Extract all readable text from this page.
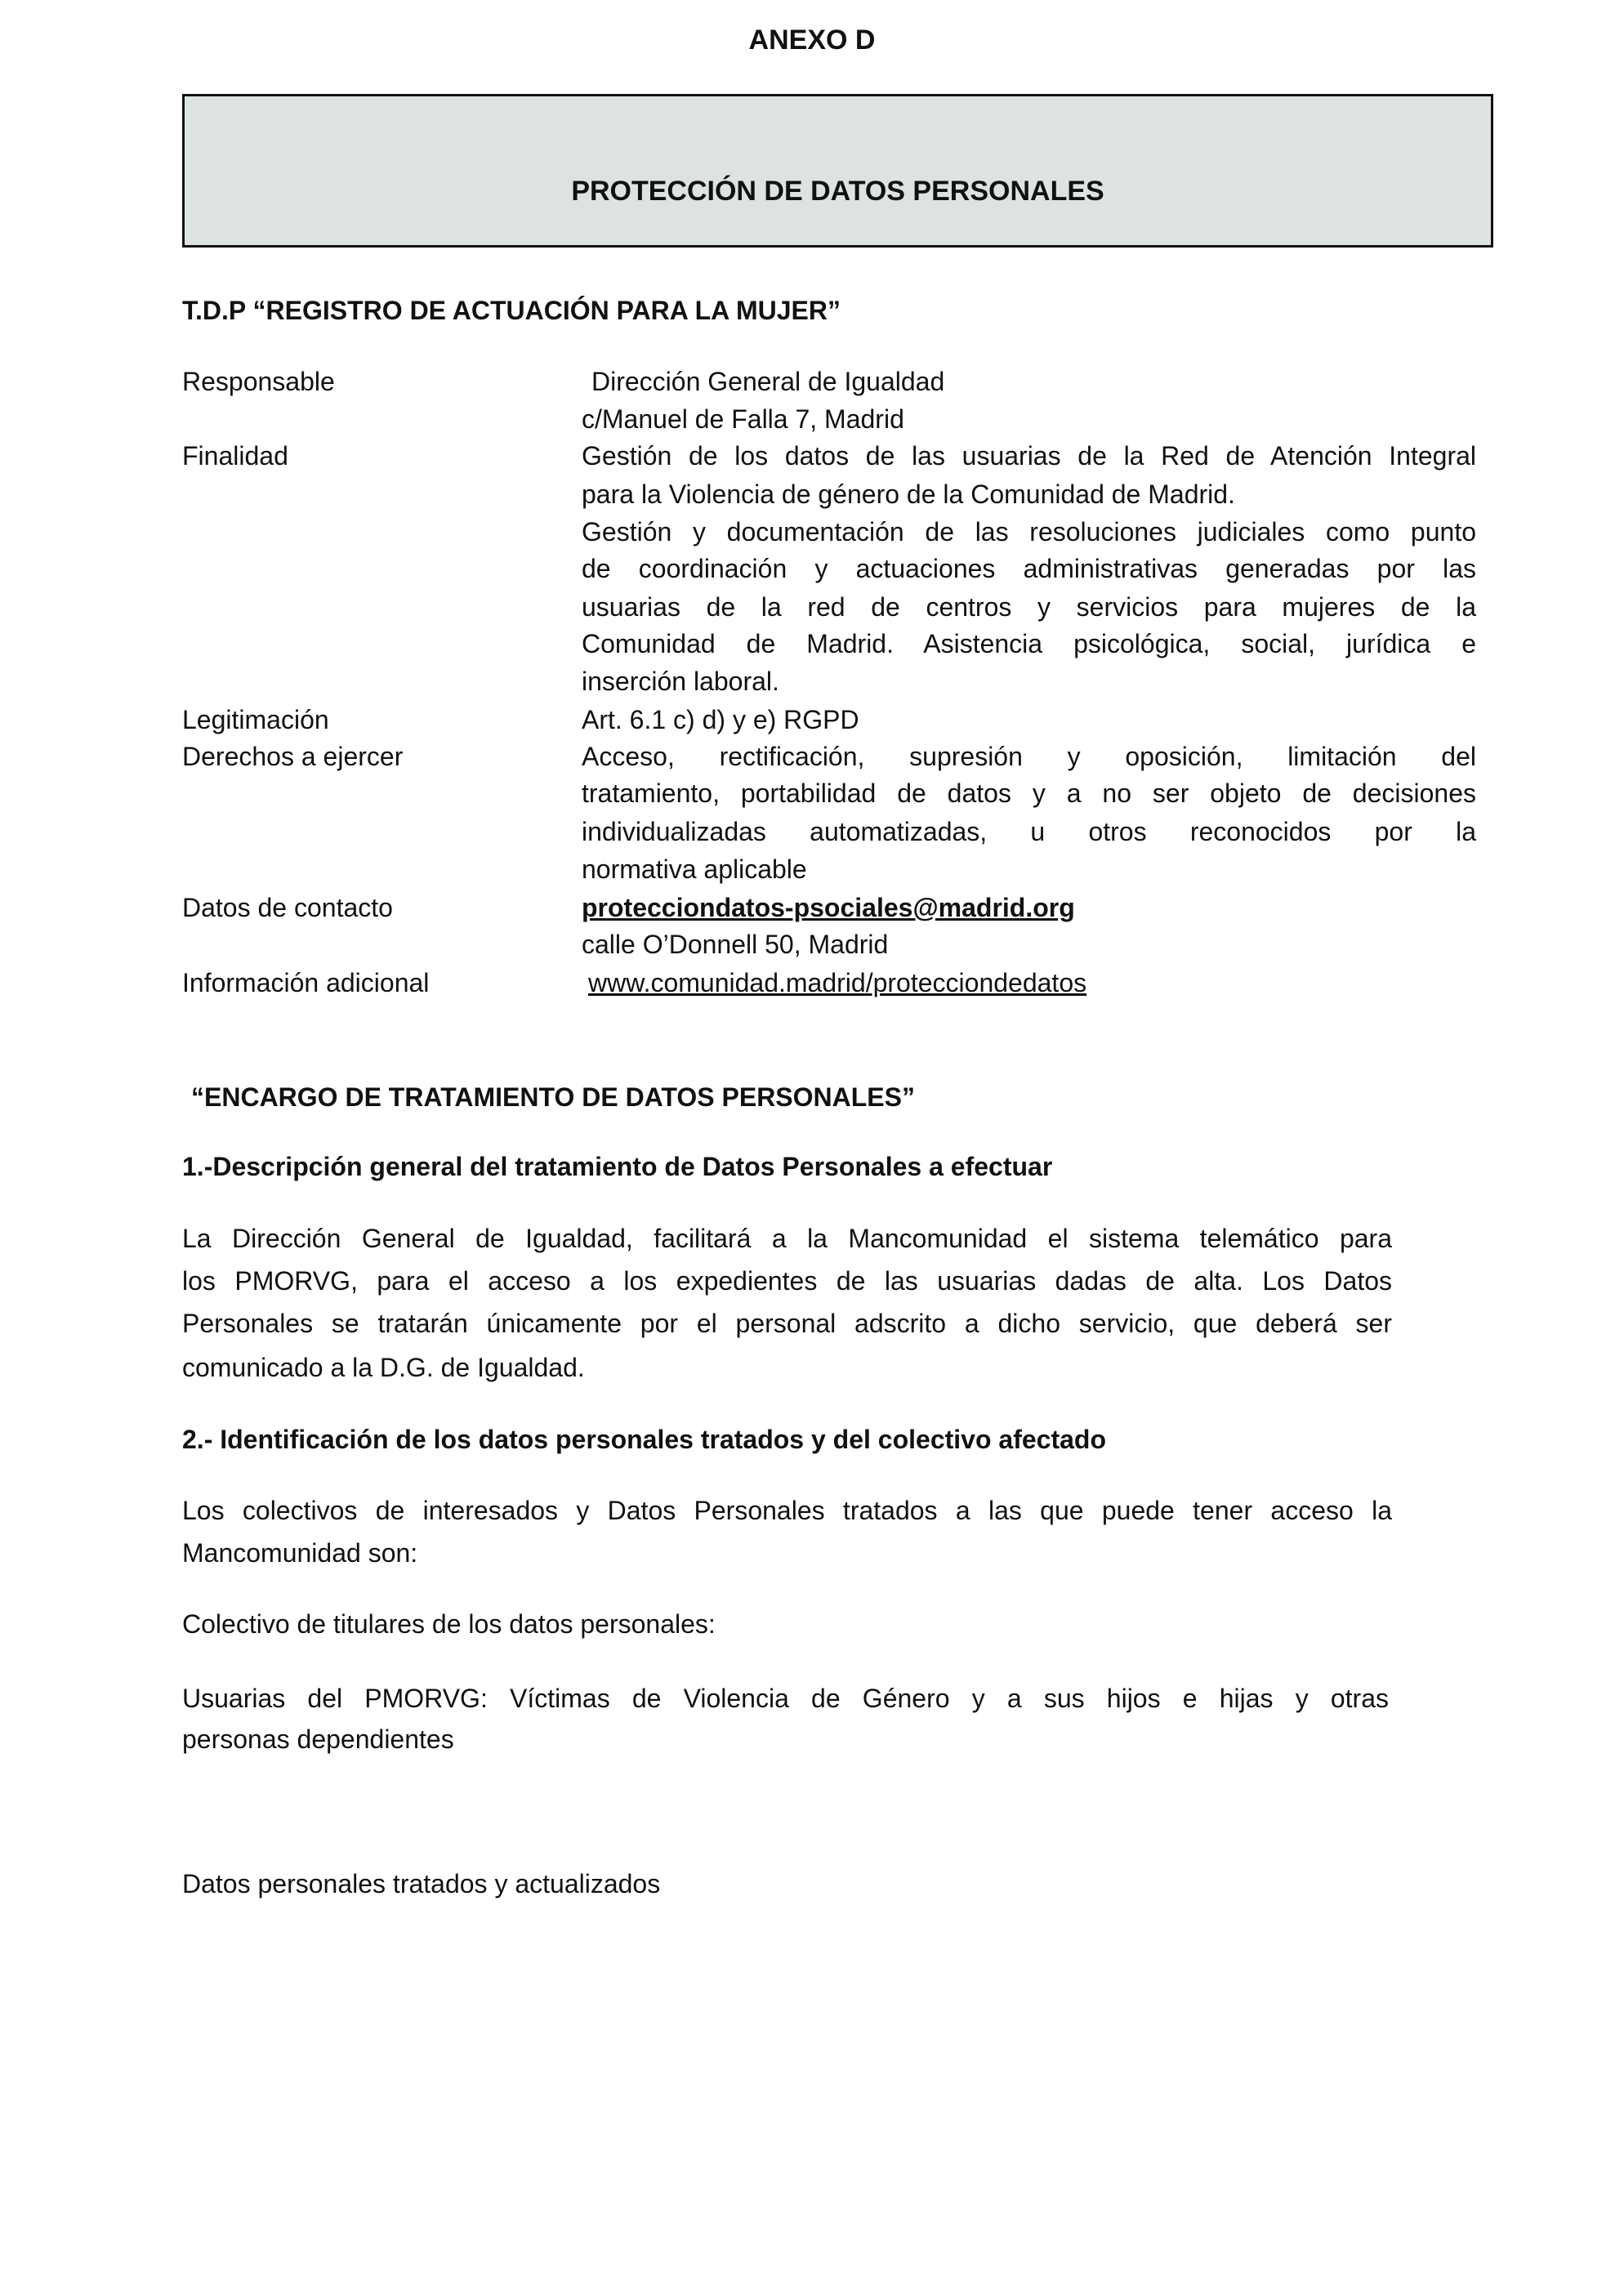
ANEXO D
PROTECCIÓN DE DATOS PERSONALES
T.D.P “REGISTRO DE ACTUACIÓN PARA LA MUJER”
Responsable	Dirección General de Igualdad
c/Manuel de Falla 7, Madrid
Finalidad	Gestión de los datos de las usuarias de la Red de Atención Integral
para la Violencia de género de la Comunidad de Madrid.
Gestión y documentación de las resoluciones judiciales como punto
de coordinación y actuaciones administrativas generadas por las
usuarias de la red de centros y servicios para mujeres de la
Comunidad de Madrid. Asistencia psicológica, social, jurídica e
inserción laboral.
Legitimación	Art. 6.1 c) d) y e) RGPD
Derechos a ejercer	Acceso, rectificación, supresión y oposición, limitación del
tratamiento, portabilidad de datos y a no ser objeto de decisiones
individualizadas automatizadas, u otros reconocidos por la
normativa aplicable
Datos de contacto	protecciondatos-psociales@madrid.org
calle O’Donnell 50, Madrid
Información adicional	www.comunidad.madrid/protecciondedatos
“ENCARGO DE TRATAMIENTO DE DATOS PERSONALES”
1.-Descripción general del tratamiento de Datos Personales a efectuar
La Dirección General de Igualdad, facilitará a la Mancomunidad el sistema telemático para
los PMORVG, para el acceso a los expedientes de las usuarias dadas de alta. Los Datos
Personales se tratarán únicamente por el personal adscrito a dicho servicio, que deberá ser
comunicado a la D.G. de Igualdad.
2.- Identificación de los datos personales tratados y del colectivo afectado
Los colectivos de interesados y Datos Personales tratados a las que puede tener acceso la
Mancomunidad son:
Colectivo de titulares de los datos personales:
Usuarias del PMORVG: Víctimas de Violencia de Género y a sus hijos e hijas y otras
personas dependientes
Datos personales tratados y actualizados
